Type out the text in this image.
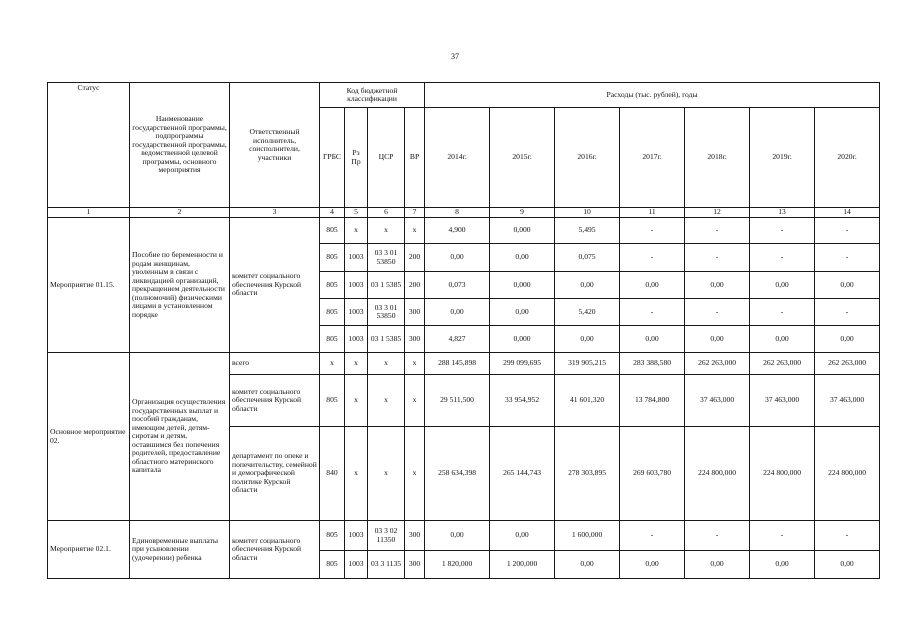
37
Статус	Наименование государственной программы, подпрограммы государственной программы, ведомственной целевой программы, основного мероприятия	Ответственный исполнитель, соисполнители, участники	Код бюджетной классификации				Расходы (тыс. рублей), годы						
			ГРБС	Рз Пр	ЦСР	ВР	2014г.	2015г.	2016г.	2017г.	2018г.	2019г.	2020г.
1	2	3	4	5	6	7	8	9	10	11	12	13	14
Мероприятие 01.15.	Пособие по беременности и родам женщинам, уволенным в связи с ликвидацией организаций, прекращением деятельности (полномочий) физическими лицами в установленном порядке	комитет социального обеспечения Курской области	805	х	х	х	4,900	0,000	5,495	-	-	-	-
			805	1003	03 3 01 53850	200	0,00	0,00	0,075	-	-	-	-
			805	1003	03 1 5385	200	0,073	0,000	0,00	0,00	0,00	0,00	0,00
			805	1003	03 3 01 53850	300	0,00	0,00	5,420	-	-	-	-
			805	1003	03 1 5385	300	4,827	0,000	0,00	0,00	0,00	0,00	0,00
Основное мероприятие 02.	Организация осуществления государственных выплат и пособий гражданам, имеющим детей, детям-сиротам и детям, оставшимся без попечения родителей, предоставление областного материнского капитала	всего	х	х	х	х	288 145,898	299 099,695	319 905,215	283 388,580	262 263,000	262 263,000	262 263,000
		комитет социального обеспечения Курской области	805	х	х	х	29 511,500	33 954,952	41 601,320	13 784,800	37 463,000	37 463,000	37 463,000
		департамент по опеке и попечительству, семейной и демографической политике Курской области	840	х	х	х	258 634,398	265 144,743	278 303,895	269 603,780	224 800,000	224 800,000	224 800,000
Мероприятие 02.1.	Единовременные выплаты при усыновлении (удочерении) ребенка	комитет социального обеспечения Курской области	805	1003	03 3 02 11350	300	0,00	0,00	1 600,000	-	-	-	-
			805	1003	03 3 1135	300	1 820,000	1 200,000	0,00	0,00	0,00	0,00	0,00
